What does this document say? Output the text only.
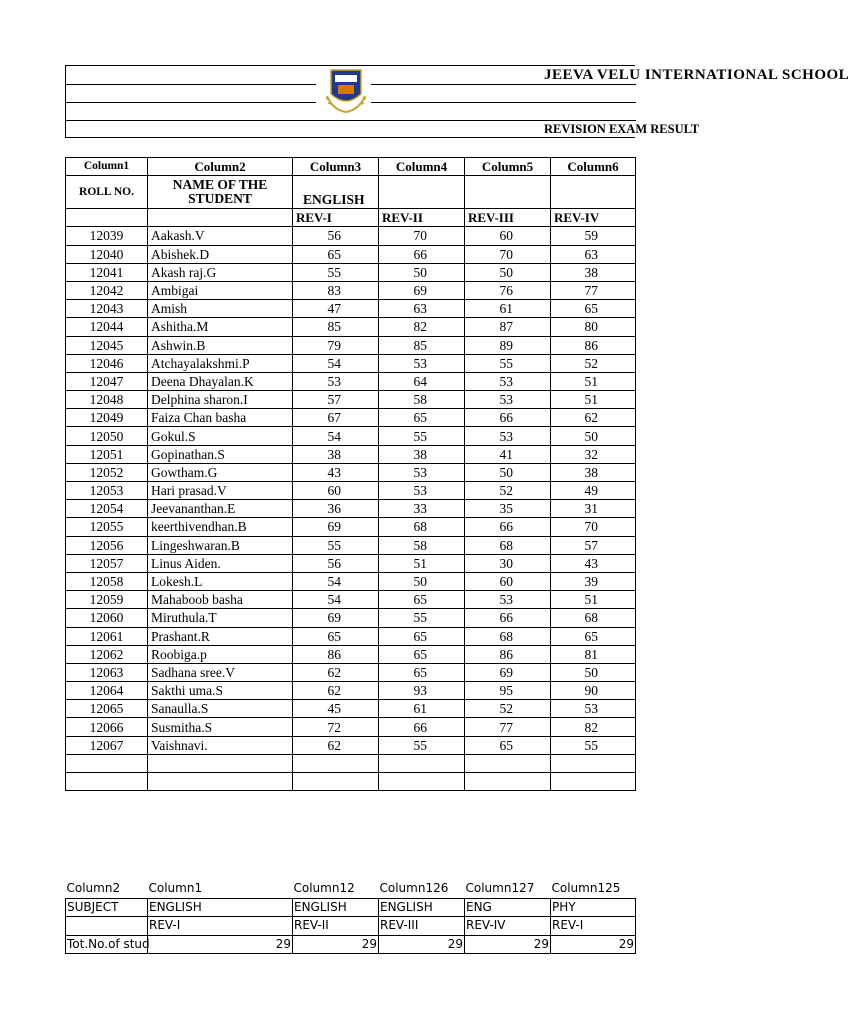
JEEVA VELU INTERNATIONAL SCHOOL
REVISION EXAM RESULT
Column1	Column2	Column3	Column4	Column5	Column6
ROLL NO.	NAME OF THE STUDENT	ENGLISH			
		REV-I	REV-II	REV-III	REV-IV
12039	Aakash.V	56	70	60	59
12040	Abishek.D	65	66	70	63
12041	Akash raj.G	55	50	50	38
12042	Ambigai	83	69	76	77
12043	Amish	47	63	61	65
12044	Ashitha.M	85	82	87	80
12045	Ashwin.B	79	85	89	86
12046	Atchayalakshmi.P	54	53	55	52
12047	Deena Dhayalan.K	53	64	53	51
12048	Delphina sharon.I	57	58	53	51
12049	Faiza Chan basha	67	65	66	62
12050	Gokul.S	54	55	53	50
12051	Gopinathan.S	38	38	41	32
12052	Gowtham.G	43	53	50	38
12053	Hari prasad.V	60	53	52	49
12054	Jeevananthan.E	36	33	35	31
12055	keerthivendhan.B	69	68	66	70
12056	Lingeshwaran.B	55	58	68	57
12057	Linus Aiden.	56	51	30	43
12058	Lokesh.L	54	50	60	39
12059	Mahaboob basha	54	65	53	51
12060	Miruthula.T	69	55	66	68
12061	Prashant.R	65	65	68	65
12062	Roobiga.p	86	65	86	81
12063	Sadhana sree.V	62	65	69	50
12064	Sakthi uma.S	62	93	95	90
12065	Sanaulla.S	45	61	52	53
12066	Susmitha.S	72	66	77	82
12067	Vaishnavi.	62	55	65	55

Column2	Column1	Column12	Column126	Column127	Column125
SUBJECT	ENGLISH	ENGLISH	ENGLISH	ENG	PHY
	REV-I	REV-II	REV-III	REV-IV	REV-I
Tot.No.of stud	29	29	29	29	29
